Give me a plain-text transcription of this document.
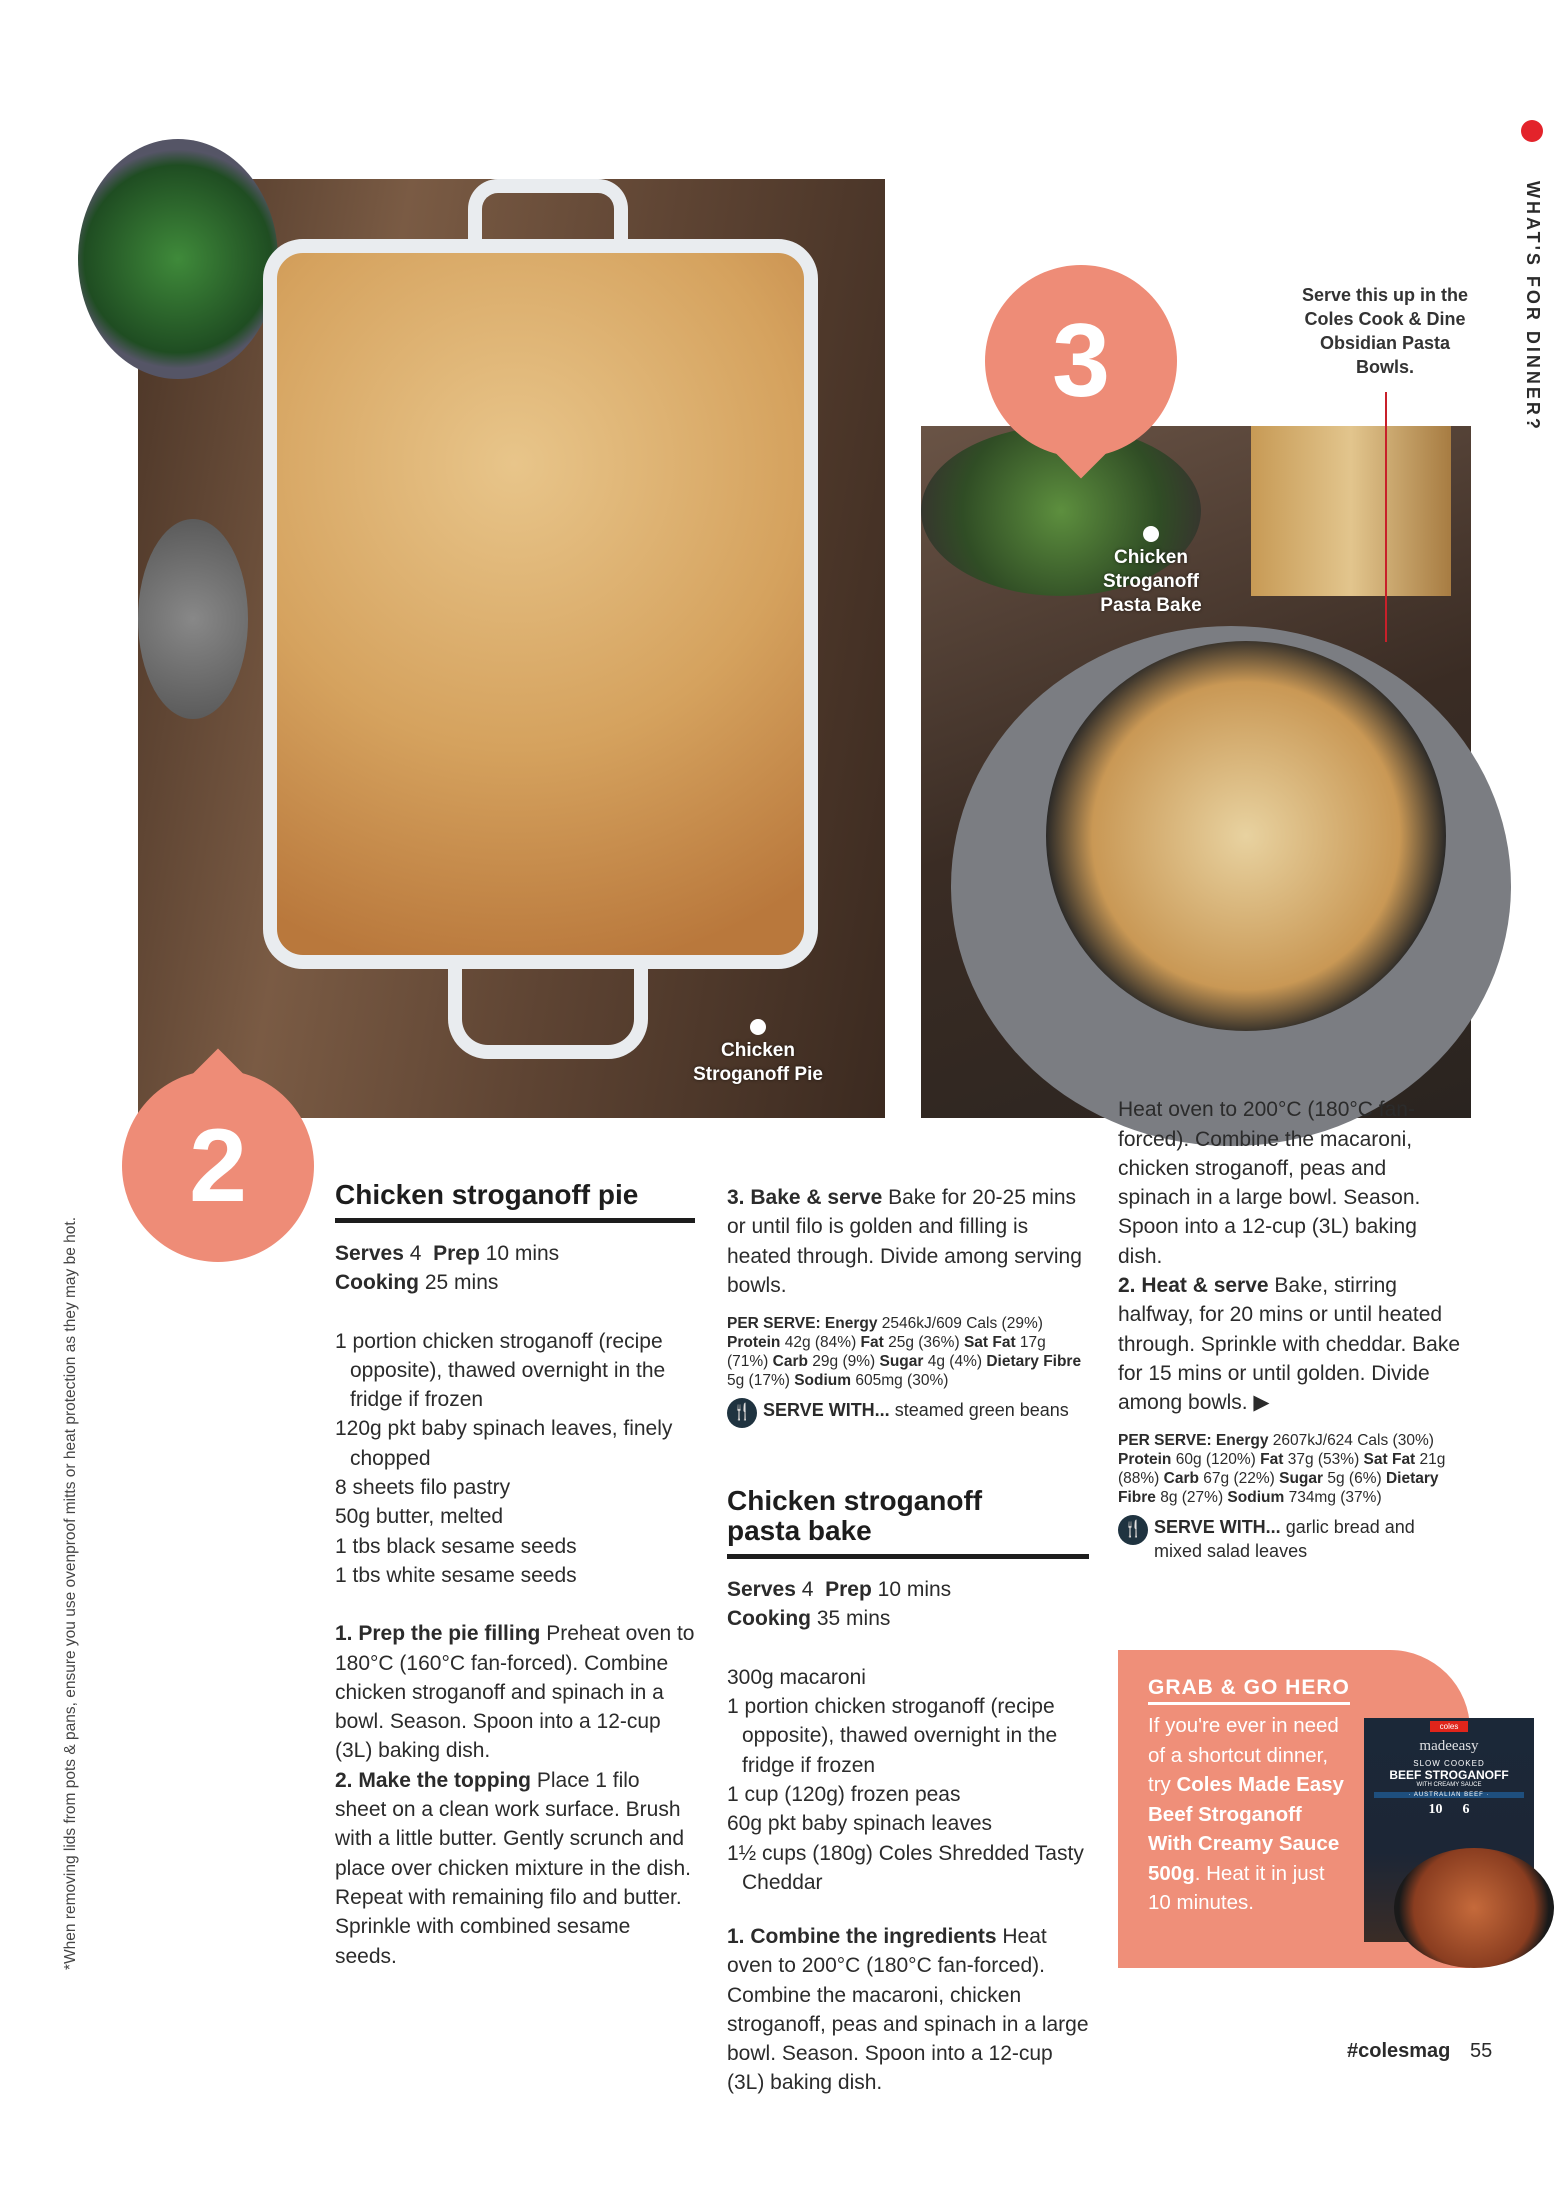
WHAT'S FOR DINNER?
*When removing lids from pots & pans, ensure you use ovenproof mitts or heat protection as they may be hot.
Chicken Stroganoff Pie
Chicken Stroganoff Pasta Bake
Serve this up in the Coles Cook & Dine Obsidian Pasta Bowls.
3
2	Chicken stroganoff pie
Serves 4 Prep 10 mins
Cooking 25 mins
1 portion chicken stroganoff (recipe opposite), thawed overnight in the fridge if frozen
120g pkt baby spinach leaves, finely chopped
8 sheets filo pastry
50g butter, melted
1 tbs black sesame seeds
1 tbs white sesame seeds
1. Prep the pie filling Preheat oven to 180°C (160°C fan-forced). Combine chicken stroganoff and spinach in a bowl. Season. Spoon into a 12-cup (3L) baking dish.
2. Make the topping Place 1 filo sheet on a clean work surface. Brush with a little butter. Gently scrunch and place over chicken mixture in the dish. Repeat with remaining filo and butter. Sprinkle with combined sesame seeds.
3. Bake & serve Bake for 20-25 mins or until filo is golden and filling is heated through. Divide among serving bowls.
PER SERVE: Energy 2546kJ/609 Cals (29%) Protein 42g (84%) Fat 25g (36%) Sat Fat 17g (71%) Carb 29g (9%) Sugar 4g (4%) Dietary Fibre 5g (17%) Sodium 605mg (30%)
🍴 SERVE WITH... steamed green beans
Chicken stroganoff pasta bake
Serves 4 Prep 10 mins
Cooking 35 mins
300g macaroni
1 portion chicken stroganoff (recipe opposite), thawed overnight in the fridge if frozen
1 cup (120g) frozen peas
60g pkt baby spinach leaves
1½ cups (180g) Coles Shredded Tasty Cheddar
1. Combine the ingredients Heat oven to 200°C (180°C fan-forced). Combine the macaroni, chicken stroganoff, peas and spinach in a large bowl. Season. Spoon into a 12-cup (3L) baking dish.
Heat oven to 200°C (180°C fan-forced). Combine the macaroni, chicken stroganoff, peas and spinach in a large bowl. Season. Spoon into a 12-cup (3L) baking dish.
2. Heat & serve Bake, stirring halfway, for 20 mins or until heated through. Sprinkle with cheddar. Bake for 15 mins or until golden. Divide among bowls. ▶
PER SERVE: Energy 2607kJ/624 Cals (30%) Protein 60g (120%) Fat 37g (53%) Sat Fat 21g (88%) Carb 67g (22%) Sugar 5g (6%) Dietary Fibre 8g (27%) Sodium 734mg (37%)
🍴 SERVE WITH... garlic bread and mixed salad leaves
GRAB & GO HERO

If you're ever in need of a shortcut dinner, try Coles Made Easy Beef Stroganoff With Creamy Sauce 500g. Heat it in just 10 minutes.

coles
madeeasy
SLOW COOKED
BEEF STROGANOFF
WITH CREAMY SAUCE
· AUSTRALIAN BEEF ·
10 6
#colesmag 55
